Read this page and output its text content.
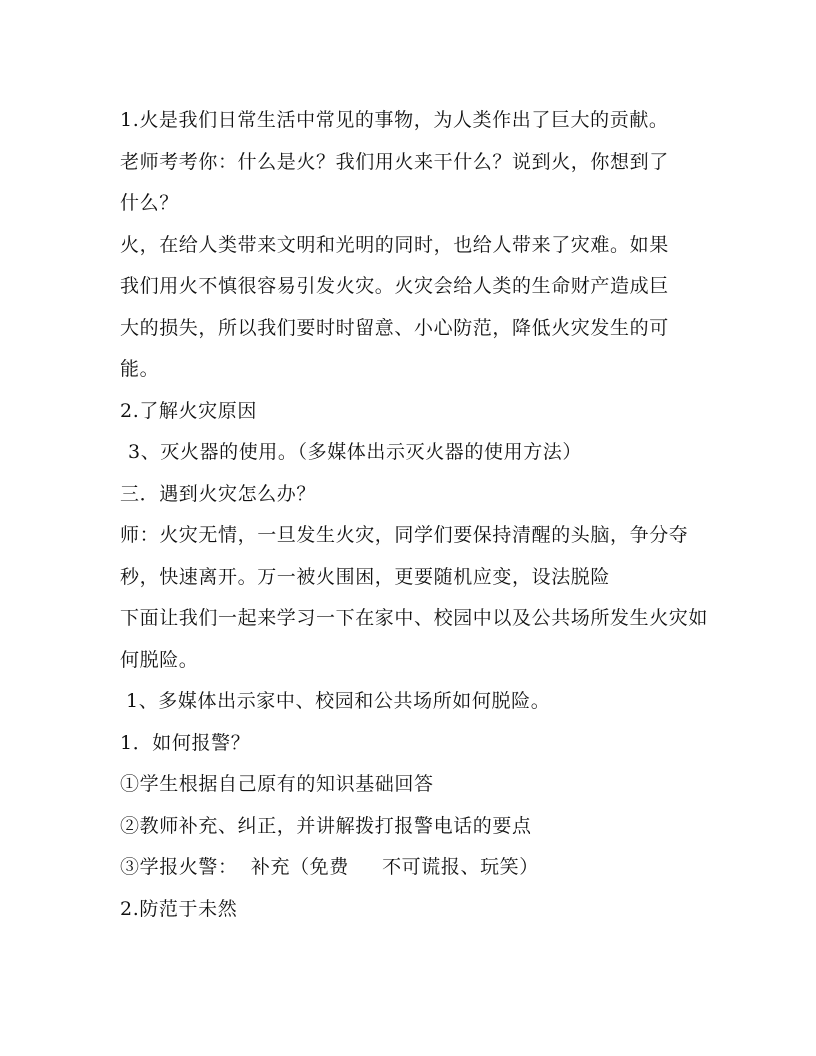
1.火是我们日常生活中常见的事物，为人类作出了巨大的贡献。
老师考考你：什么是火？我们用火来干什么？说到火，你想到了
什么？
火，在给人类带来文明和光明的同时，也给人带来了灾难。如果
我们用火不慎很容易引发火灾。火灾会给人类的生命财产造成巨
大的损失，所以我们要时时留意、小心防范，降低火灾发生的可
能。
2.了解火灾原因
3、灭火器的使用。（多媒体出示灭火器的使用方法）
三．遇到火灾怎么办？
师：火灾无情，一旦发生火灾，同学们要保持清醒的头脑，争分夺
秒，快速离开。万一被火围困，更要随机应变，设法脱险
下面让我们一起来学习一下在家中、校园中以及公共场所发生火灾如
何脱险。
1、多媒体出示家中、校园和公共场所如何脱险。
1．如何报警？
①学生根据自己原有的知识基础回答
②教师补充、纠正，并讲解拨打报警电话的要点
③学报火警：  补充（免费     不可谎报、玩笑）
2.防范于未然
